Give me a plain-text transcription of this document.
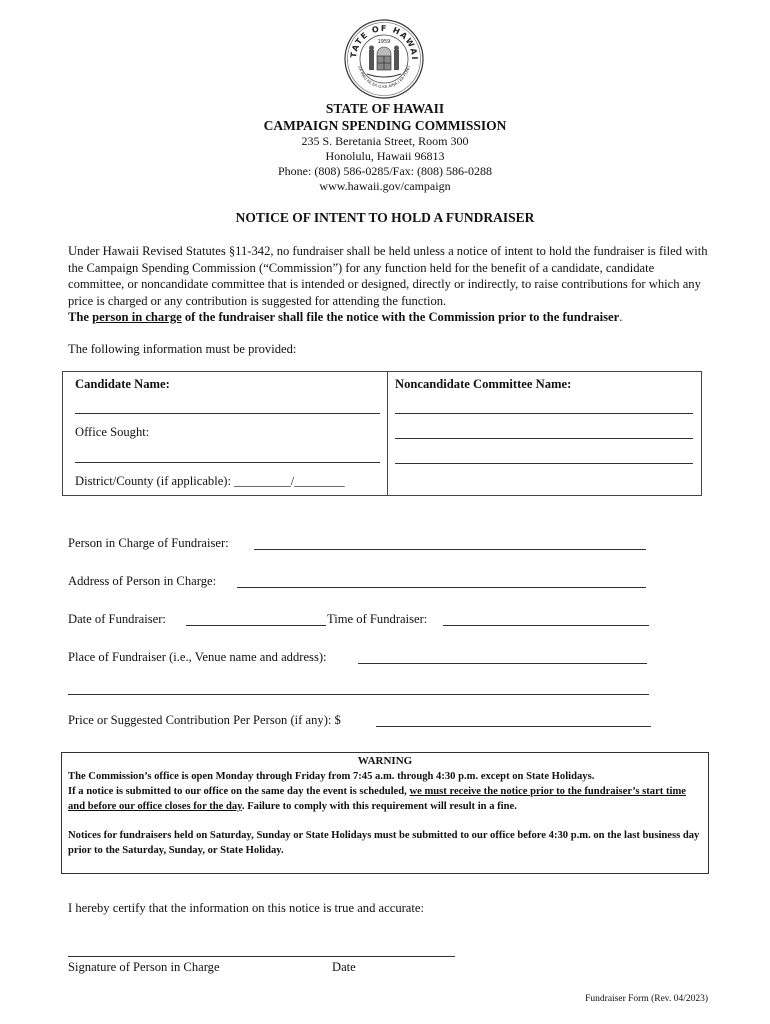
TATE OF HAWAI
UA MAU KE EA O KA AINA I KA PONO
1959
STATE OF HAWAII
CAMPAIGN SPENDING COMMISSION
235 S. Beretania Street, Room 300
Honolulu, Hawaii 96813
Phone: (808) 586-0285/Fax: (808) 586-0288
www.hawaii.gov/campaign
NOTICE OF INTENT TO HOLD A FUNDRAISER
Under Hawaii Revised Statutes §11-342, no fundraiser shall be held unless a notice of intent to hold the fundraiser is filed with the Campaign Spending Commission (“Commission”) for any function held for the benefit of a candidate, candidate committee, or noncandidate committee that is intended or designed, directly or indirectly, to raise contributions for which any price is charged or any contribution is suggested for attending the function.
The person in charge of the fundraiser shall file the notice with the Commission prior to the fundraiser.
The following information must be provided:
Candidate Name:
Office Sought:
District/County (if applicable): _________/________
Noncandidate Committee Name:
Person in Charge of Fundraiser:
Address of Person in Charge:
Date of Fundraiser:	Time of Fundraiser:
Place of Fundraiser (i.e., Venue name and address):
Price or Suggested Contribution Per Person (if any): $
WARNING
The Commission’s office is open Monday through Friday from 7:45 a.m. through 4:30 p.m. except on State Holidays.
If a notice is submitted to our office on the same day the event is scheduled, we must receive the notice prior to the fundraiser’s start time and before our office closes for the day. Failure to comply with this requirement will result in a fine.
Notices for fundraisers held on Saturday, Sunday or State Holidays must be submitted to our office before 4:30 p.m. on the last business day prior to the Saturday, Sunday, or State Holiday.
I hereby certify that the information on this notice is true and accurate:
Signature of Person in Charge	Date
Fundraiser Form (Rev. 04/2023)
